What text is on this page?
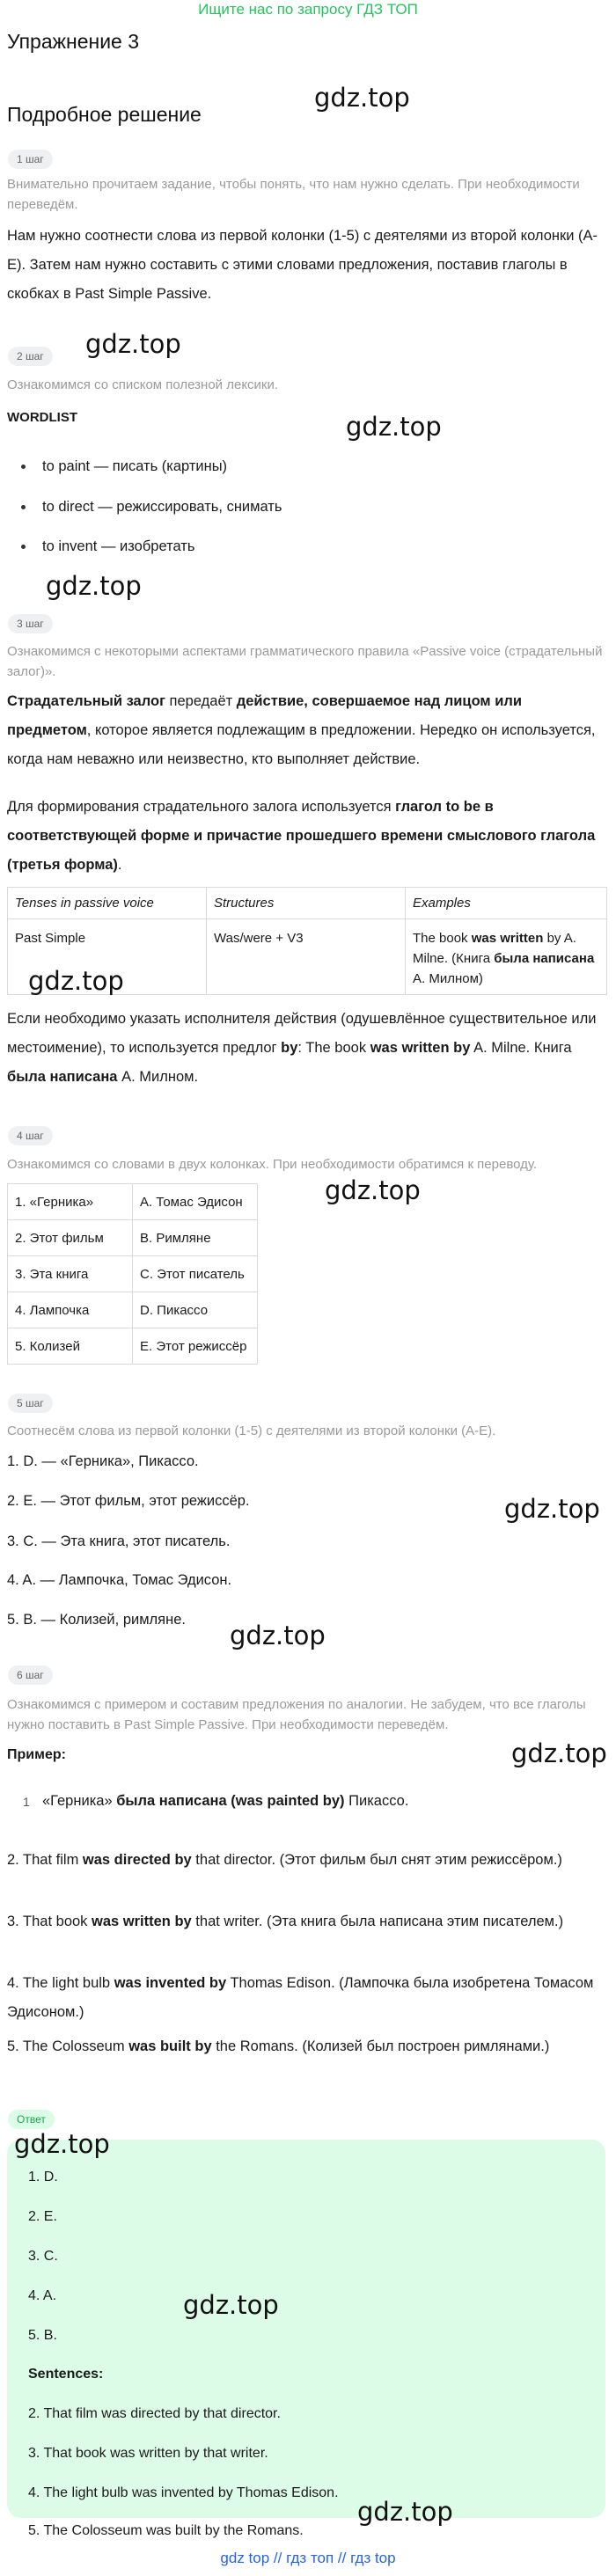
Ищите нас по запросу ГДЗ ТОП
Упражнение 3
gdz.top
Подробное решение
1 шаг
Внимательно прочитаем задание, чтобы понять, что нам нужно сделать. При необходимости переведём.
Нам нужно соотнести слова из первой колонки (1-5) с деятелями из второй колонки (A-E). Затем нам нужно составить с этими словами предложения, поставив глаголы в скобках в Past Simple Passive.
gdz.top
2 шаг
Ознакомимся со списком полезной лексики.
gdz.top
WORDLIST
to paint — писать (картины)
to direct — режиссировать, снимать
to invent — изобретать
gdz.top
3 шаг
Ознакомимся с некоторыми аспектами грамматического правила «Passive voice (страдательный залог)».
Страдательный залог передаёт действие, совершаемое над лицом или предметом, которое является подлежащим в предложении. Нередко он используется, когда нам неважно или неизвестно, кто выполняет действие.
Для формирования страдательного залога используется глагол to be в соответствующей форме и причастие прошедшего времени смыслового глагола (третья форма).
Tenses in passive voice	Structures	Examples
Past Simple	Was/were + V3	The book was written by A. Milne. (Книга была написана А. Милном)
gdz.top
Если необходимо указать исполнителя действия (одушевлённое существительное или местоимение), то используется предлог by: The book was written by A. Milne. Книга была написана А. Милном.
4 шаг
Ознакомимся со словами в двух колонках. При необходимости обратимся к переводу.
gdz.top
1. «Герника»	A. Томас Эдисон
2. Этот фильм	B. Римляне
3. Эта книга	C. Этот писатель
4. Лампочка	D. Пикассо
5. Колизей	E. Этот режиссёр
5 шаг
Соотнесём слова из первой колонки (1-5) с деятелями из второй колонки (A-E).
1. D. — «Герника», Пикассо.
gdz.top
2. E. — Этот фильм, этот режиссёр.
3. C. — Эта книга, этот писатель.
4. A. — Лампочка, Томас Эдисон.
5. B. — Колизей, римляне.
gdz.top
6 шаг
Ознакомимся с примером и составим предложения по аналогии. Не забудем, что все глаголы нужно поставить в Past Simple Passive. При необходимости переведём.
Пример:	gdz.top
1 «Герника» была написана (was painted by) Пикассо.
2. That film was directed by that director. (Этот фильм был снят этим режиссёром.)
3. That book was written by that writer. (Эта книга была написана этим писателем.)
4. The light bulb was invented by Thomas Edison. (Лампочка была изобретена Томасом Эдисоном.)
5. The Colosseum was built by the Romans. (Колизей был построен римлянами.)
Ответ
gdz.top
1. D.
2. E.
3. C.
4. A.
5. B.
gdz.top
Sentences:
2. That film was directed by that director.
3. That book was written by that writer.
4. The light bulb was invented by Thomas Edison.
gdz.top
5. The Colosseum was built by the Romans.
gdz top // гдз топ // гдз top
